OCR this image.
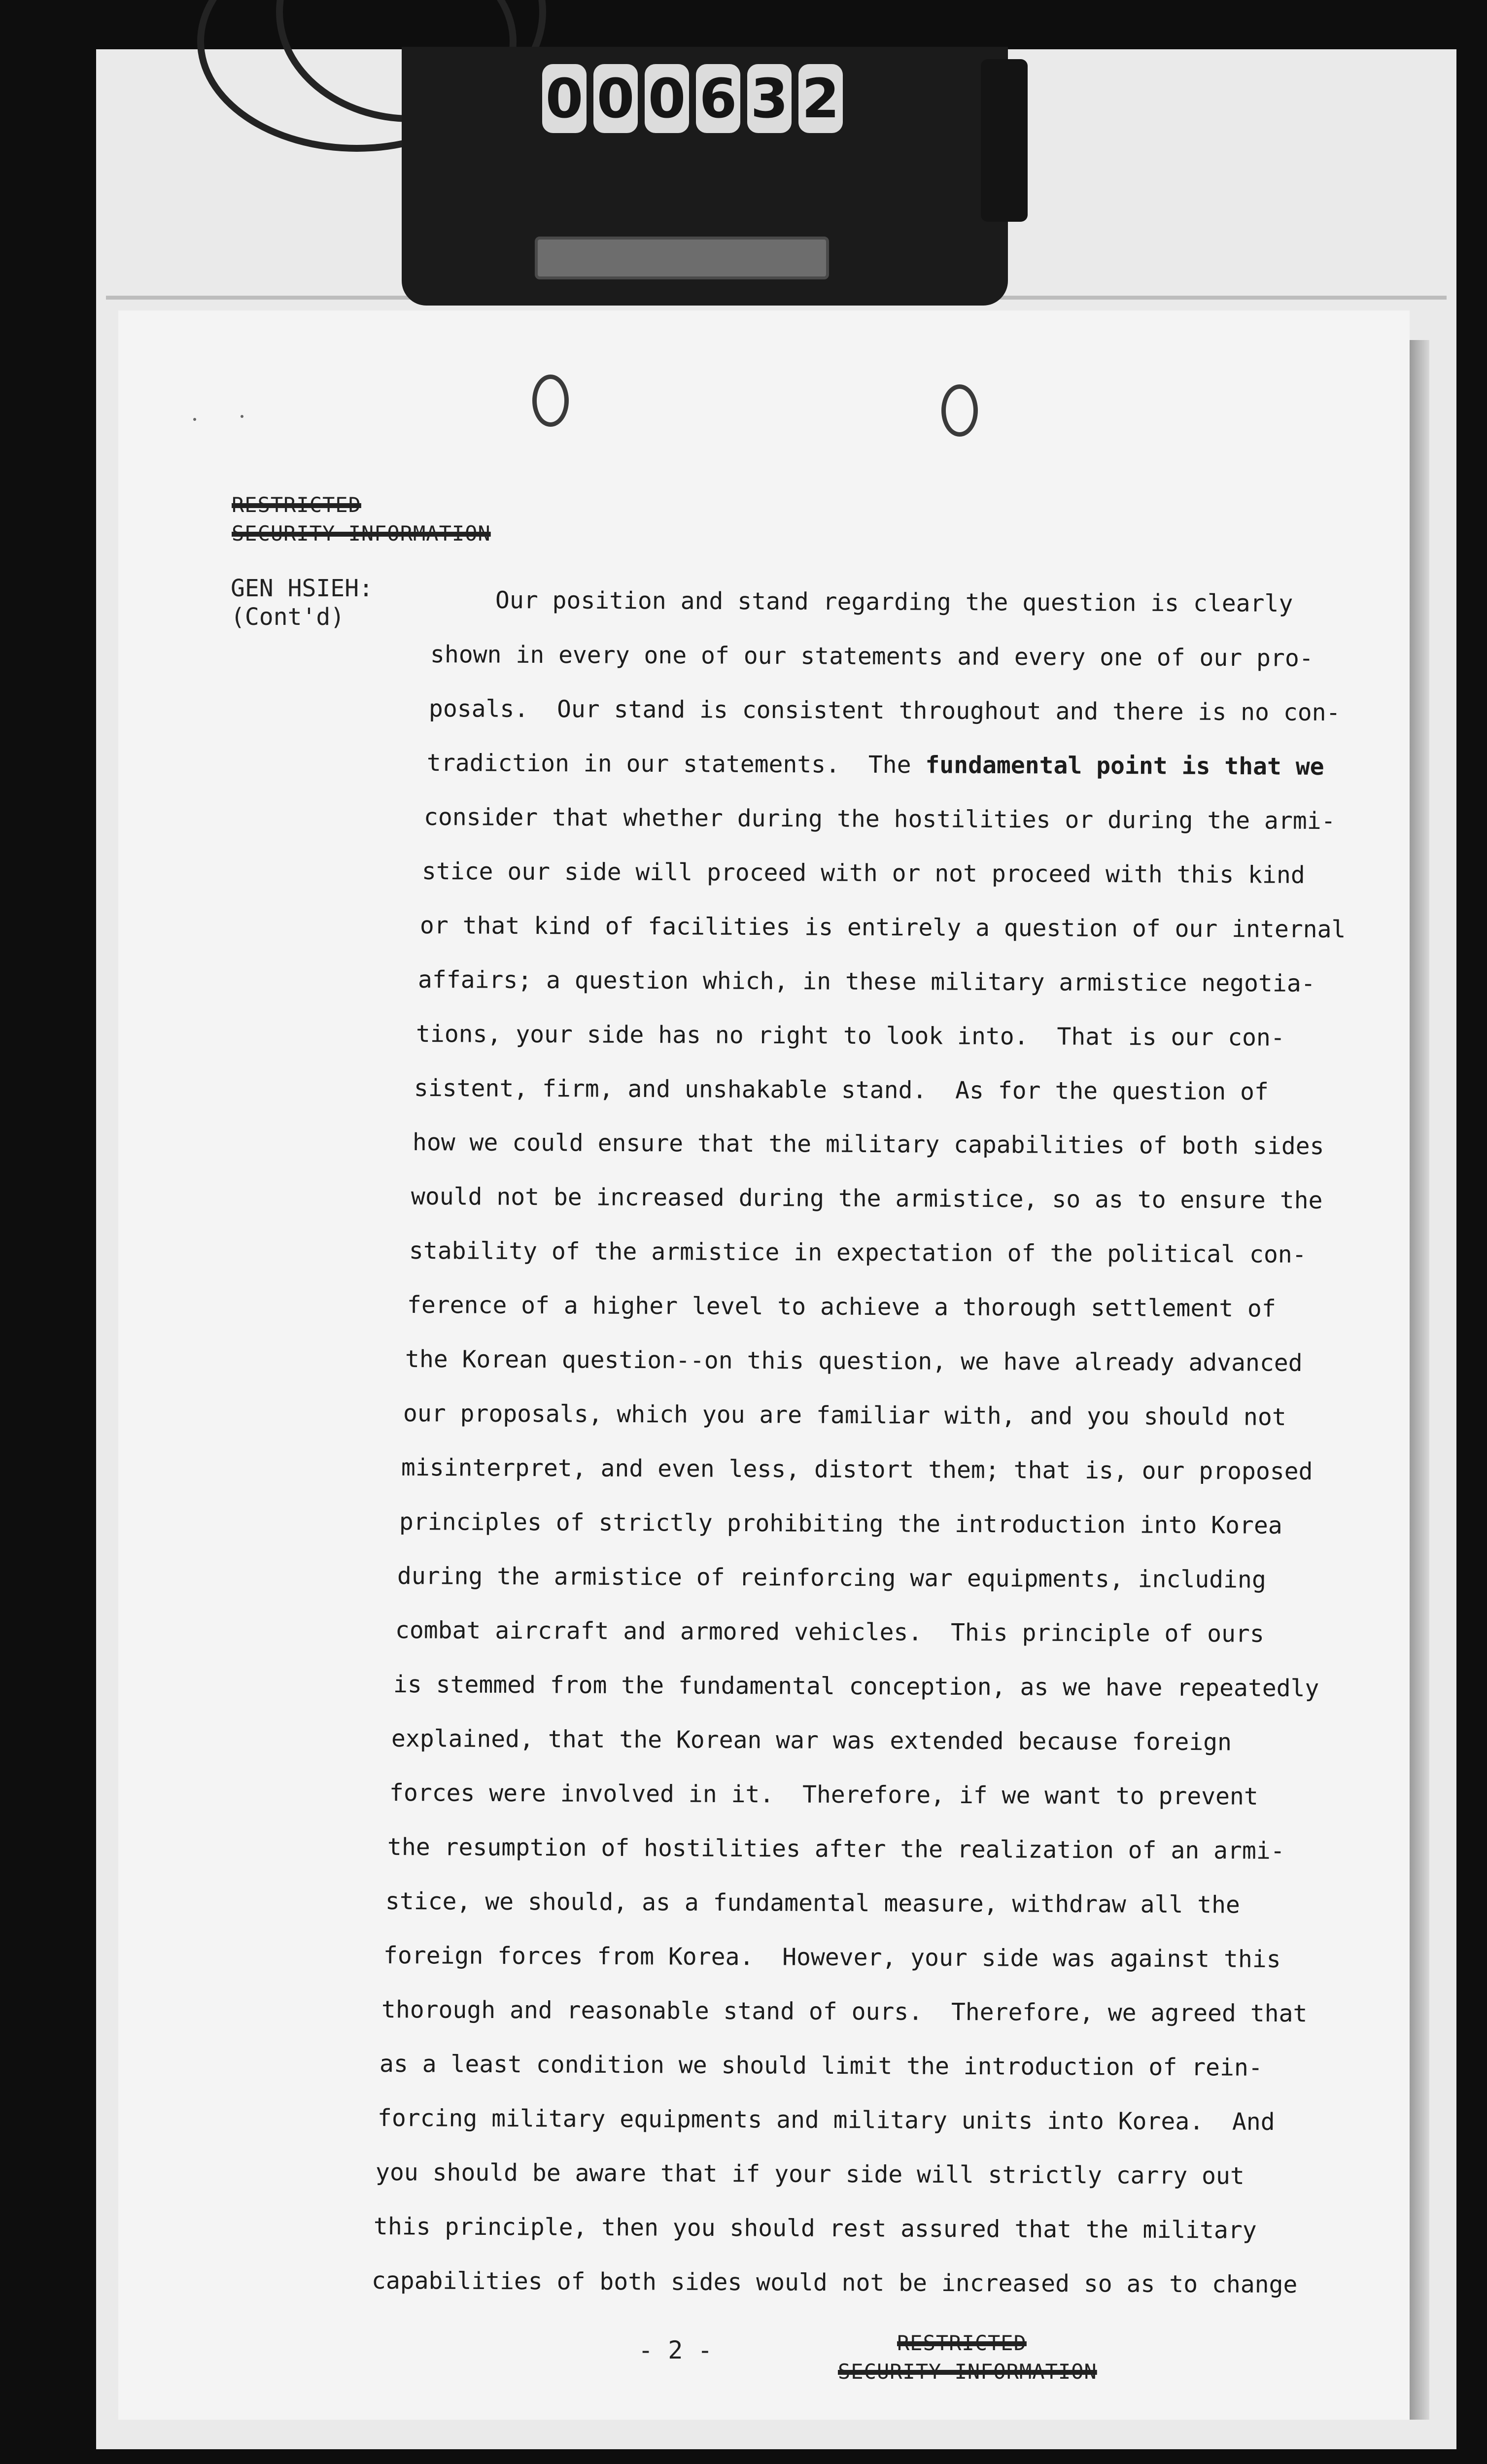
0 0 0 6 3 2
RESTRICTED
SECURITY INFORMATION
GEN HSIEH:
(Cont'd)	Our position and stand regarding the question is clearly
shown in every one of our statements and every one of our pro-
posals.  Our stand is consistent throughout and there is no con-
tradiction in our statements.  The fundamental point is that we
consider that whether during the hostilities or during the armi-
stice our side will proceed with or not proceed with this kind
or that kind of facilities is entirely a question of our internal
affairs; a question which, in these military armistice negotia-
tions, your side has no right to look into.  That is our con-
sistent, firm, and unshakable stand.  As for the question of
how we could ensure that the military capabilities of both sides
would not be increased during the armistice, so as to ensure the
stability of the armistice in expectation of the political con-
ference of a higher level to achieve a thorough settlement of
the Korean question--on this question, we have already advanced
our proposals, which you are familiar with, and you should not
misinterpret, and even less, distort them; that is, our proposed
principles of strictly prohibiting the introduction into Korea
during the armistice of reinforcing war equipments, including
combat aircraft and armored vehicles.  This principle of ours
is stemmed from the fundamental conception, as we have repeatedly
explained, that the Korean war was extended because foreign
forces were involved in it.  Therefore, if we want to prevent
the resumption of hostilities after the realization of an armi-
stice, we should, as a fundamental measure, withdraw all the
foreign forces from Korea.  However, your side was against this
thorough and reasonable stand of ours.  Therefore, we agreed that
as a least condition we should limit the introduction of rein-
forcing military equipments and military units into Korea.  And
you should be aware that if your side will strictly carry out
this principle, then you should rest assured that the military
capabilities of both sides would not be increased so as to change
- 2 -	RESTRICTED
SECURITY INFORMATION
